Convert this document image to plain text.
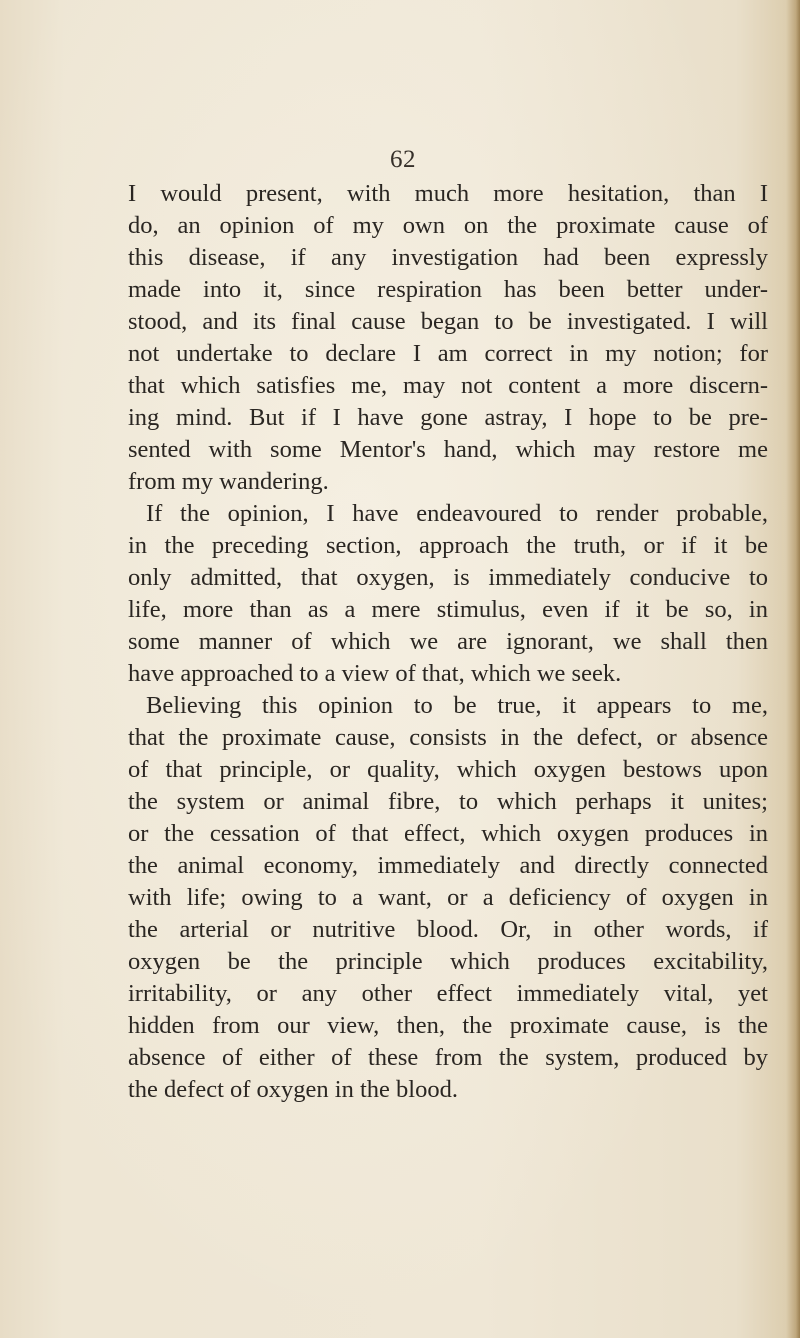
62
I would present, with much more hesitation, than I
do, an opinion of my own on the proximate cause of
this disease, if any investigation had been expressly
made into it, since respiration has been better under-
stood, and its final cause began to be investigated. I will
not undertake to declare I am correct in my notion; for
that which satisfies me, may not content a more discern-
ing mind. But if I have gone astray, I hope to be pre-
sented with some Mentor's hand, which may restore me
from my wandering.
If the opinion, I have endeavoured to render probable,
in the preceding section, approach the truth, or if it be
only admitted, that oxygen, is immediately conducive to
life, more than as a mere stimulus, even if it be so, in
some manner of which we are ignorant, we shall then
have approached to a view of that, which we seek.
Believing this opinion to be true, it appears to me,
that the proximate cause, consists in the defect, or absence
of that principle, or quality, which oxygen bestows upon
the system or animal fibre, to which perhaps it unites;
or the cessation of that effect, which oxygen produces in
the animal economy, immediately and directly connected
with life; owing to a want, or a deficiency of oxygen in
the arterial or nutritive blood. Or, in other words, if
oxygen be the principle which produces excitability,
irritability, or any other effect immediately vital, yet
hidden from our view, then, the proximate cause, is the
absence of either of these from the system, produced by
the defect of oxygen in the blood.
